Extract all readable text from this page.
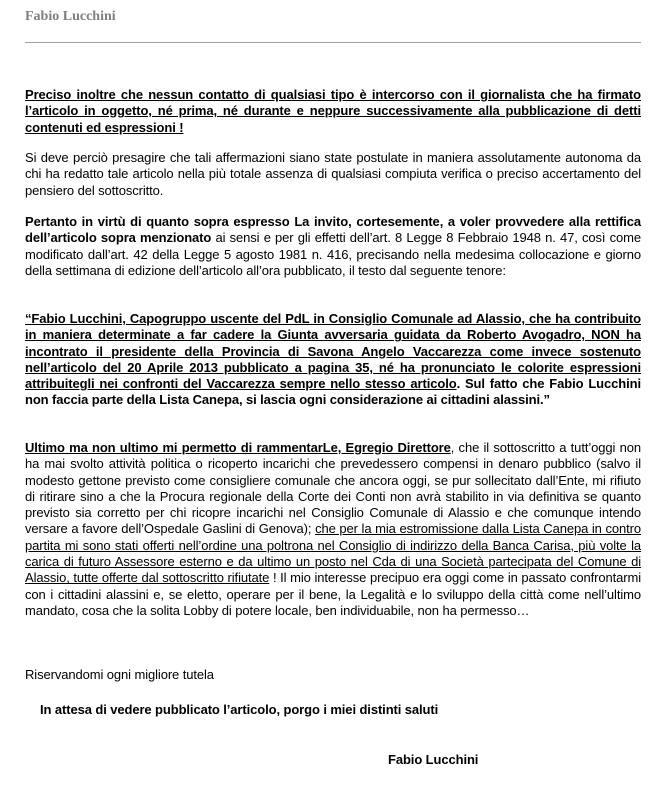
Fabio Lucchini
Preciso inoltre che nessun contatto di qualsiasi tipo è intercorso con il giornalista che ha firmato l’articolo in oggetto, né prima, né durante e neppure successivamente alla pubblicazione di detti contenuti ed espressioni !
Si deve perciò presagire che tali affermazioni siano state postulate in maniera assolutamente autonoma da chi ha redatto tale articolo nella più totale assenza di qualsiasi compiuta verifica o preciso accertamento del pensiero del sottoscritto.
Pertanto in virtù di quanto sopra espresso La invito, cortesemente, a voler provvedere alla rettifica dell’articolo sopra menzionato ai sensi e per gli effetti dell’art. 8 Legge 8 Febbraio 1948 n. 47, così come modificato dall’art. 42 della Legge 5 agosto 1981 n. 416, precisando nella medesima collocazione e giorno della settimana di edizione dell’articolo all’ora pubblicato, il testo dal seguente tenore:
“Fabio Lucchini, Capogruppo uscente del PdL in Consiglio Comunale ad Alassio, che ha contribuito in maniera determinate a far cadere la Giunta avversaria guidata da Roberto Avogadro, NON ha incontrato il presidente della Provincia di Savona Angelo Vaccarezza come invece sostenuto nell’articolo del 20 Aprile 2013 pubblicato a pagina 35, né ha pronunciato le colorite espressioni attribuitegli nei confronti del Vaccarezza sempre nello stesso articolo. Sul fatto che Fabio Lucchini non faccia parte della Lista Canepa, si lascia ogni considerazione ai cittadini alassini.”
Ultimo ma non ultimo mi permetto di rammentarLe, Egregio Direttore, che il sottoscritto a tutt’oggi non ha mai svolto attività politica o ricoperto incarichi che prevedessero compensi in denaro pubblico (salvo il modesto gettone previsto come consigliere comunale che ancora oggi, se pur sollecitato dall’Ente, mi rifiuto di ritirare sino a che la Procura regionale della Corte dei Conti non avrà stabilito in via definitiva se quanto previsto sia corretto per chi ricopre incarichi nel Consiglio Comunale di Alassio e che comunque intendo versare a favore dell’Ospedale Gaslini di Genova); che per la mia estromissione dalla Lista Canepa in contro partita mi sono stati offerti nell’ordine una poltrona nel Consiglio di indirizzo della Banca Carisa, più volte la carica di futuro Assessore esterno e da ultimo un posto nel Cda di una Società partecipata del Comune di Alassio, tutte offerte dal sottoscritto rifiutate ! Il mio interesse precipuo era oggi come in passato confrontarmi con i cittadini alassini e, se eletto, operare per il bene, la Legalità e lo sviluppo della città come nell’ultimo mandato, cosa che la solita Lobby di potere locale, ben individuabile, non ha permesso…
Riservandomi ogni migliore tutela
In attesa di vedere pubblicato l’articolo, porgo i miei distinti saluti
Fabio Lucchini
